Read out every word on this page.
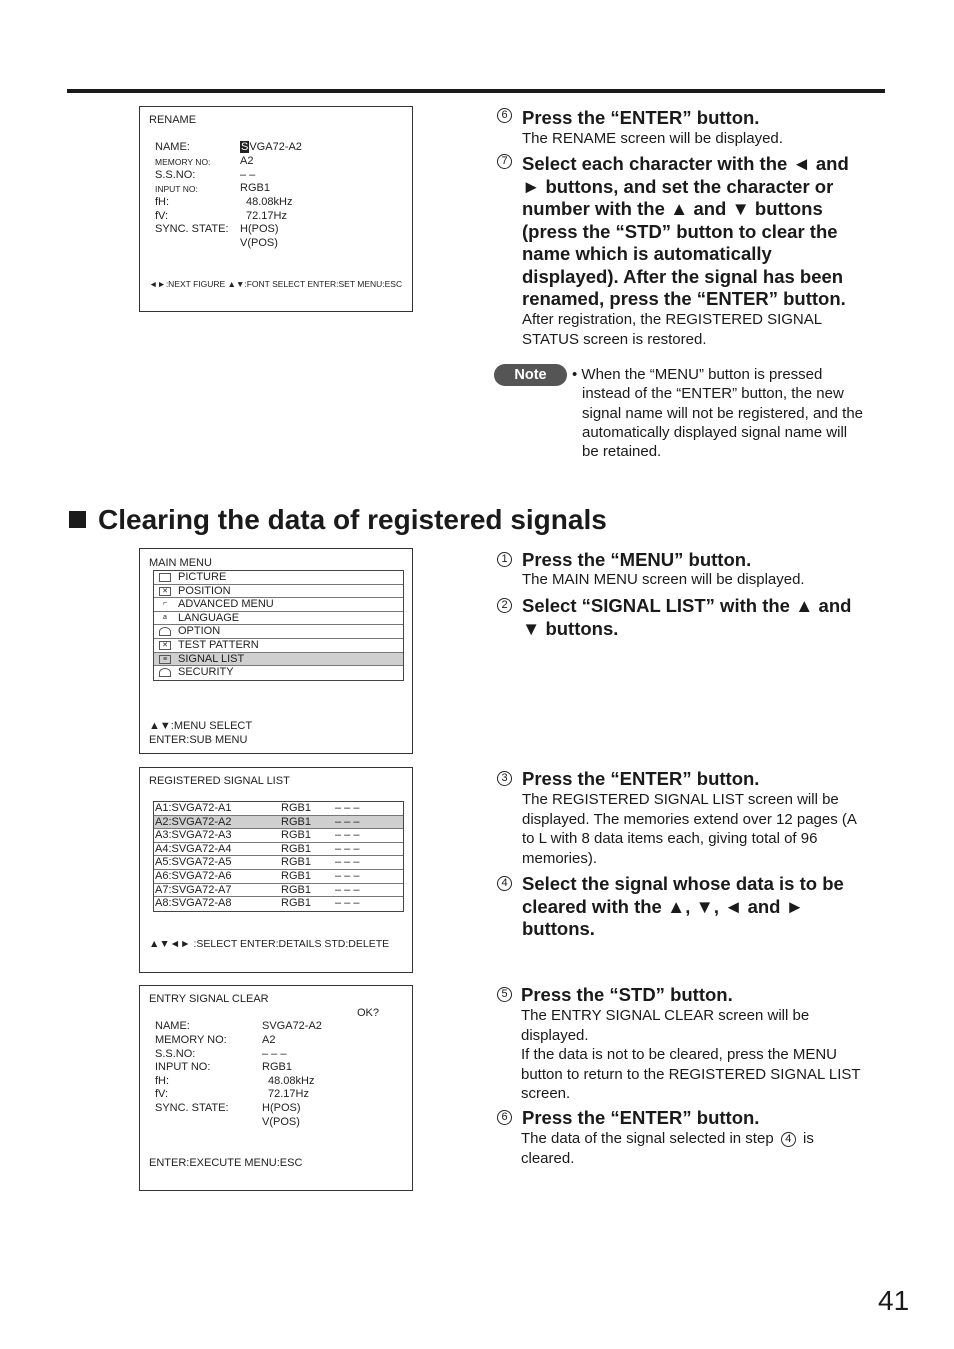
RENAME
NAME:	SVGA72-A2
MEMORY NO:	A2
S.S.NO:	– –
INPUT NO:	RGB1
fH:	48.08kHz
fV:	72.17Hz
SYNC. STATE: H(POS)
V(POS)
◄►:NEXT FIGURE ▲▼:FONT SELECT ENTER:SET MENU:ESC
6 Press the “ENTER” button.
The RENAME screen will be displayed.
7 Select each character with the ◄ and
► buttons, and set the character or
number with the ▲ and ▼ buttons
(press the “STD” button to clear the
name which is automatically
displayed). After the signal has been
renamed, press the “ENTER” button.
After registration, the REGISTERED SIGNAL
STATUS screen is restored.
Note	• When the “MENU” button is pressed
instead of the “ENTER” button, the new
signal name will not be registered, and the
automatically displayed signal name will
be retained.
Clearing the data of registered signals
MAIN MENU
PICTURE
✕ POSITION
⌐ ADVANCED MENU
a	LANGUAGE
OPTION
✕ TEST PATTERN
≡ SIGNAL LIST
SECURITY
▲▼:MENU SELECT
ENTER:SUB MENU
REGISTERED SIGNAL LIST
A1:SVGA72-A1	RGB1 – – –
A2:SVGA72-A2	RGB1 – – –
A3:SVGA72-A3	RGB1 – – –
A4:SVGA72-A4	RGB1 – – –
A5:SVGA72-A5	RGB1 – – –
A6:SVGA72-A6	RGB1 – – –
A7:SVGA72-A7	RGB1 – – –
A8:SVGA72-A8	RGB1 – – –
▲▼◄► :SELECT ENTER:DETAILS STD:DELETE
ENTRY SIGNAL CLEAR
OK?
NAME:	SVGA72-A2
MEMORY NO:	A2
S.S.NO:	– – –
INPUT NO:	RGB1
fH:	48.08kHz
fV:	72.17Hz
SYNC. STATE:	H(POS)
V(POS)
ENTER:EXECUTE MENU:ESC
1 Press the “MENU” button.
The MAIN MENU screen will be displayed.
2 Select “SIGNAL LIST” with the ▲ and
▼ buttons.
3 Press the “ENTER” button.
The REGISTERED SIGNAL LIST screen will be
displayed. The memories extend over 12 pages (A
to L with 8 data items each, giving total of 96
memories).
4 Select the signal whose data is to be
cleared with the ▲, ▼, ◄ and ►
buttons.
5 Press the “STD” button.
The ENTRY SIGNAL CLEAR screen will be
displayed.
If the data is not to be cleared, press the MENU
button to return to the REGISTERED SIGNAL LIST
screen.
6 Press the “ENTER” button.
The data of the signal selected in step 4 is
cleared.
41
